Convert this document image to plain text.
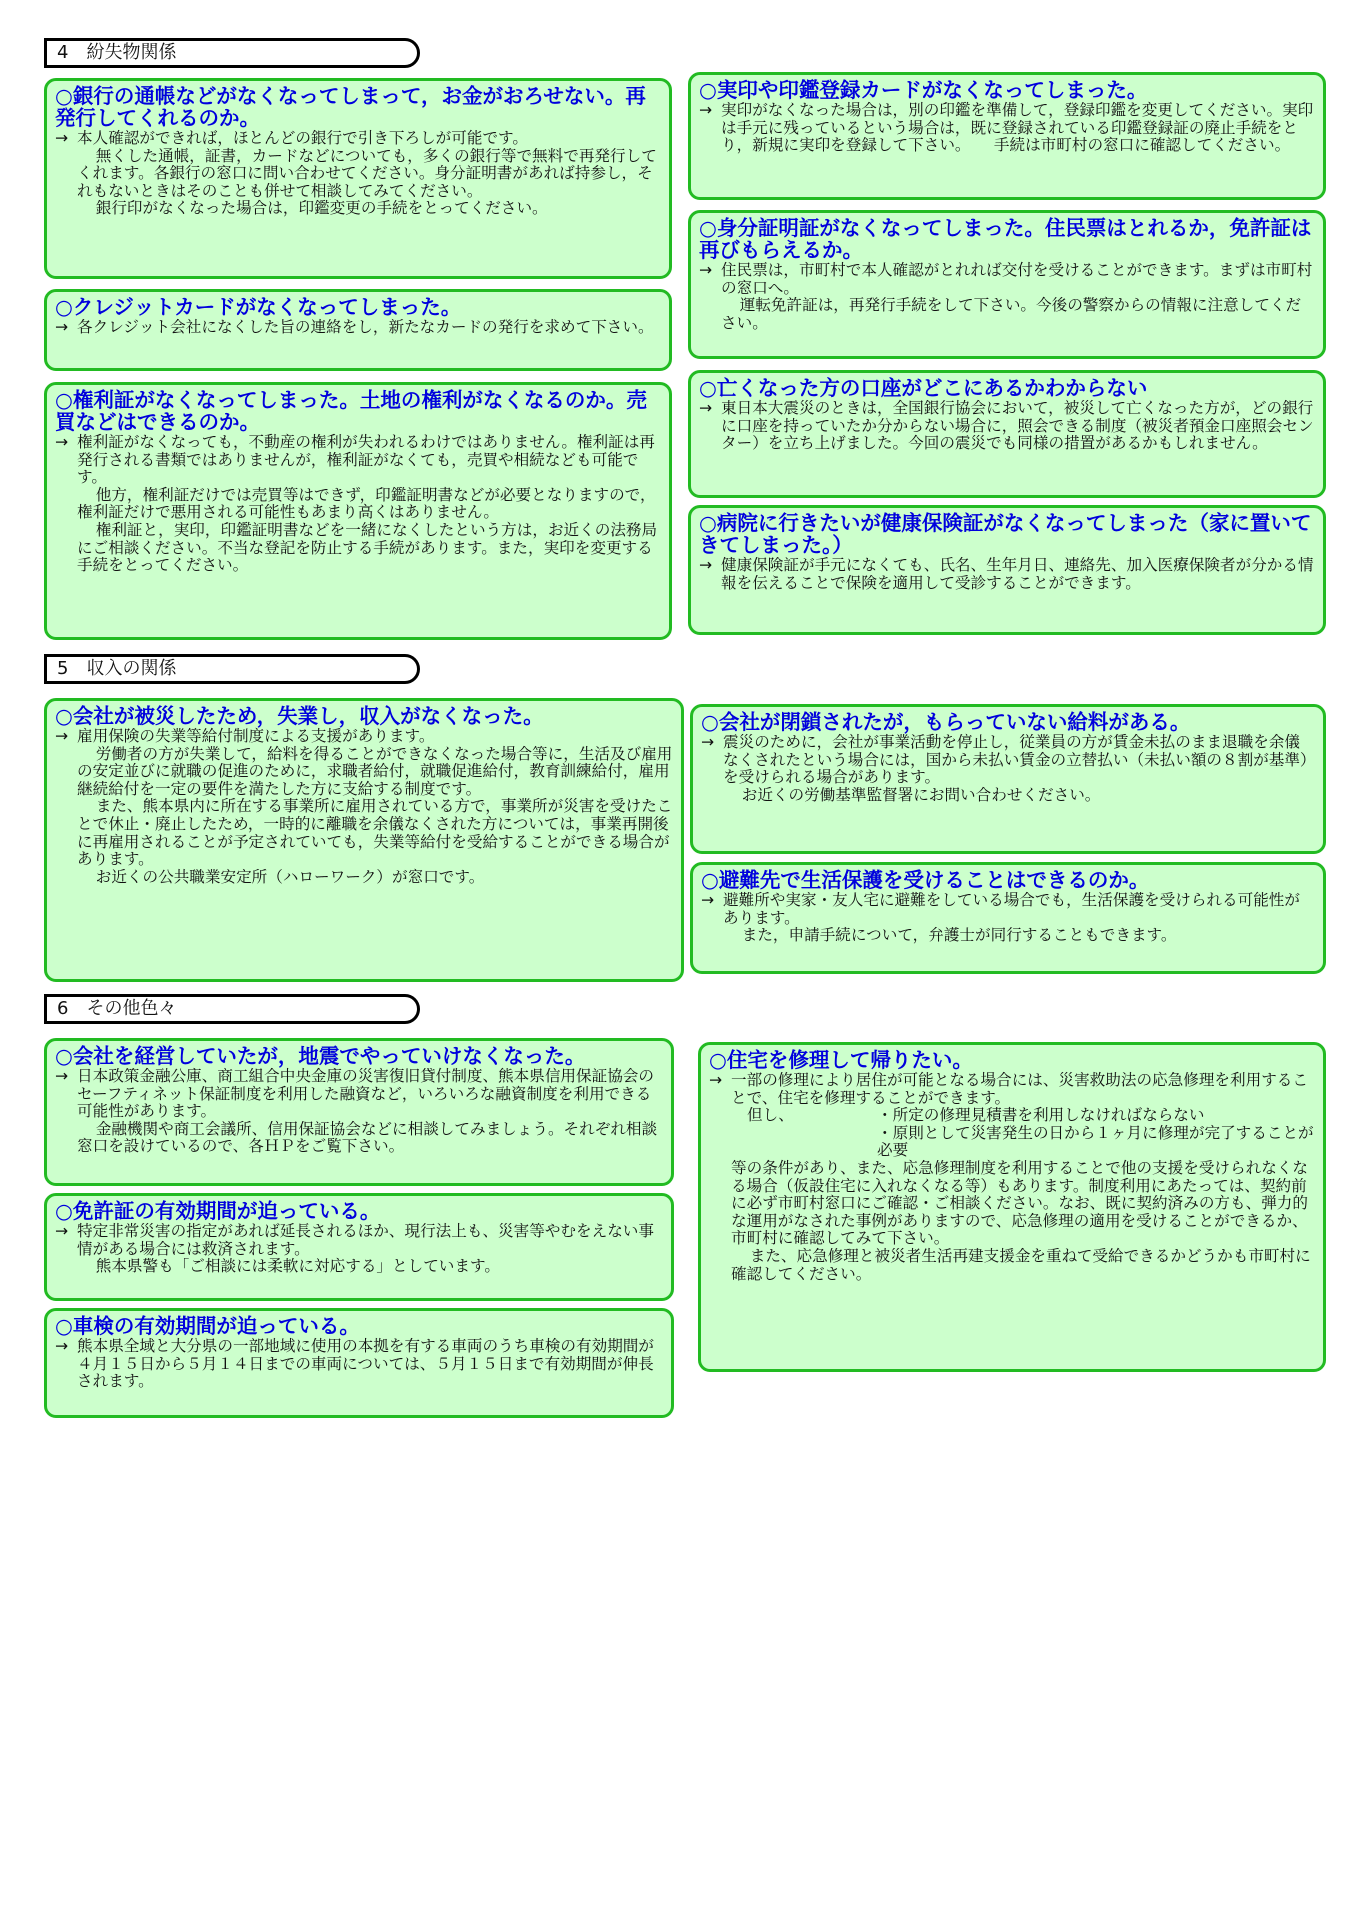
4　紛失物関係
5　収入の関係
6　その他色々
○銀行の通帳などがなくなってしまって，お金がおろせない。再発行してくれるのか。

→ 本人確認ができれば，ほとんどの銀行で引き下ろしが可能です。

無くした通帳，証書，カードなどについても，多くの銀行等で無料で再発行してくれます。各銀行の窓口に問い合わせてください。身分証明書があれば持参し，それもないときはそのことも併せて相談してみてください。

銀行印がなくなった場合は，印鑑変更の手続をとってください。

○クレジットカードがなくなってしまった。

→ 各クレジット会社になくした旨の連絡をし，新たなカードの発行を求めて下さい。

○権利証がなくなってしまった。土地の権利がなくなるのか。売買などはできるのか。

→ 権利証がなくなっても，不動産の権利が失われるわけではありません。権利証は再発行される書類ではありませんが，権利証がなくても，売買や相続なども可能です。

他方，権利証だけでは売買等はできず，印鑑証明書などが必要となりますので，権利証だけで悪用される可能性もあまり高くはありません。

権利証と，実印，印鑑証明書などを一緒になくしたという方は，お近くの法務局にご相談ください。不当な登記を防止する手続があります。また，実印を変更する手続をとってください。

○実印や印鑑登録カードがなくなってしまった。

→ 実印がなくなった場合は，別の印鑑を準備して，登録印鑑を変更してください。実印は手元に残っているという場合は，既に登録されている印鑑登録証の廃止手続をとり，新規に実印を登録して下さい。　　手続は市町村の窓口に確認してください。

○身分証明証がなくなってしまった。住民票はとれるか，免許証は再びもらえるか。

→ 住民票は，市町村で本人確認がとれれば交付を受けることができます。まずは市町村の窓口へ。

運転免許証は，再発行手続をして下さい。今後の警察からの情報に注意してください。

○亡くなった方の口座がどこにあるかわからない

→ 東日本大震災のときは，全国銀行協会において，被災して亡くなった方が，どの銀行に口座を持っていたか分からない場合に，照会できる制度（被災者預金口座照会センター）を立ち上げました。今回の震災でも同様の措置があるかもしれません。

○病院に行きたいが健康保険証がなくなってしまった（家に置いてきてしまった。）

→ 健康保険証が手元になくても、氏名、生年月日、連絡先、加入医療保険者が分かる情報を伝えることで保険を適用して受診することができます。

○会社が被災したため，失業し，収入がなくなった。

→ 雇用保険の失業等給付制度による支援があります。

労働者の方が失業して，給料を得ることができなくなった場合等に，生活及び雇用の安定並びに就職の促進のために，求職者給付，就職促進給付，教育訓練給付，雇用継続給付を一定の要件を満たした方に支給する制度です。

また、熊本県内に所在する事業所に雇用されている方で，事業所が災害を受けたことで休止・廃止したため，一時的に離職を余儀なくされた方については，事業再開後に再雇用されることが予定されていても，失業等給付を受給することができる場合があります。

お近くの公共職業安定所（ハローワーク）が窓口です。

○会社が閉鎖されたが，もらっていない給料がある。

→ 震災のために，会社が事業活動を停止し，従業員の方が賃金未払のまま退職を余儀なくされたという場合には，国から未払い賃金の立替払い（未払い額の８割が基準）を受けられる場合があります。

お近くの労働基準監督署にお問い合わせください。

○避難先で生活保護を受けることはできるのか。

→ 避難所や実家・友人宅に避難をしている場合でも，生活保護を受けられる可能性があります。

また，申請手続について，弁護士が同行することもできます。

○会社を経営していたが，地震でやっていけなくなった。

→ 日本政策金融公庫、商工組合中央金庫の災害復旧貸付制度、熊本県信用保証協会のセーフティネット保証制度を利用した融資など，いろいろな融資制度を利用できる可能性があります。

金融機関や商工会議所、信用保証協会などに相談してみましょう。それぞれ相談窓口を設けているので、各ＨＰをご覧下さい。

○免許証の有効期間が迫っている。

→ 特定非常災害の指定があれば延長されるほか、現行法上も、災害等やむをえない事情がある場合には救済されます。

熊本県警も「ご相談には柔軟に対応する」としています。

○車検の有効期間が迫っている。

→ 熊本県全域と大分県の一部地域に使用の本拠を有する車両のうち車検の有効期間が４月１５日から５月１４日までの車両については、５月１５日まで有効期間が伸長されます。

○住宅を修理して帰りたい。

→ 一部の修理により居住が可能となる場合には、災害救助法の応急修理を利用することで、住宅を修理することができます。

但し、	・所定の修理見積書を利用しなければならない

・原則として災害発生の日から１ヶ月に修理が完了することが必要

等の条件があり、また、応急修理制度を利用することで他の支援を受けられなくなる場合（仮設住宅に入れなくなる等）もあります。制度利用にあたっては、契約前に必ず市町村窓口にご確認・ご相談ください。なお、既に契約済みの方も、弾力的な運用がなされた事例がありますので、応急修理の適用を受けることができるか、市町村に確認してみて下さい。

また、応急修理と被災者生活再建支援金を重ねて受給できるかどうかも市町村に確認してください。
